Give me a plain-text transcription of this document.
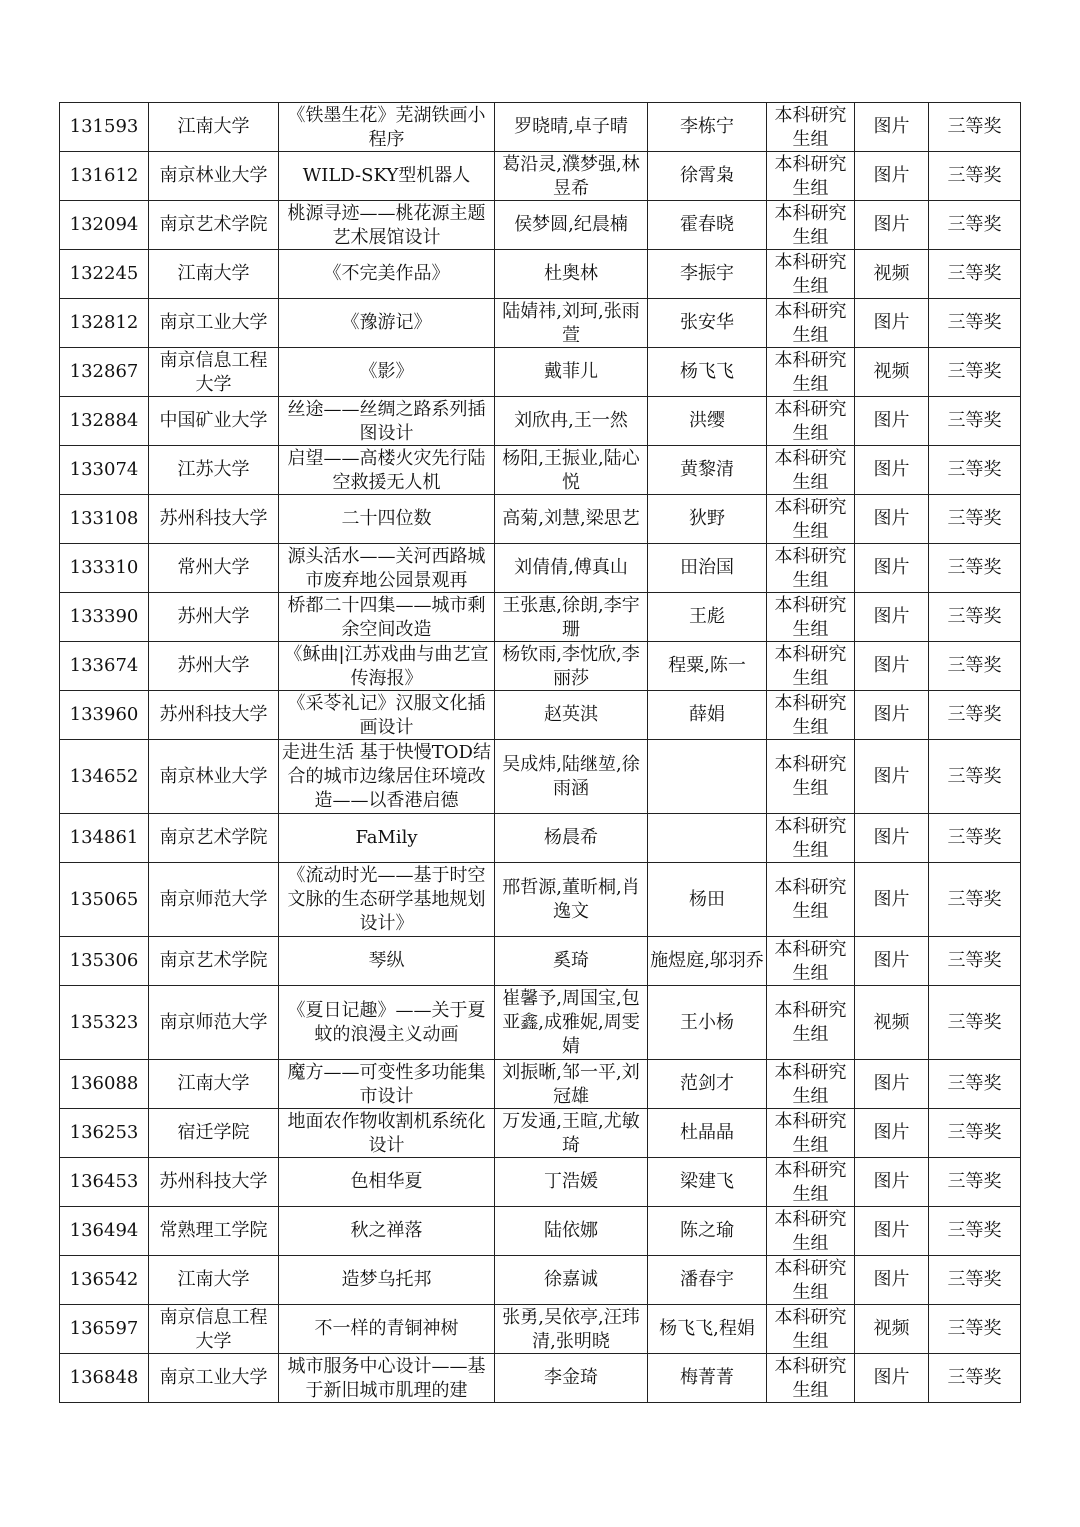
131593	江南大学	《铁墨生花》芜湖铁画小程序	罗晓晴,卓子晴	李栋宁	本科研究生组	图片	三等奖

131612	南京林业大学	WILD-SKY型机器人	葛沿灵,濮梦强,林昱希	徐霄枭	本科研究生组	图片	三等奖

132094	南京艺术学院	桃源寻迹——桃花源主题艺术展馆设计	侯梦圆,纪晨楠	霍春晓	本科研究生组	图片	三等奖

132245	江南大学	《不完美作品》	杜奥林	李振宇	本科研究生组	视频	三等奖

132812	南京工业大学	《豫游记》	陆婧祎,刘珂,张雨萱	张安华	本科研究生组	图片	三等奖

132867	南京信息工程大学	《影》	戴菲儿	杨飞飞	本科研究生组	视频	三等奖

132884	中国矿业大学	丝途——丝绸之路系列插图设计	刘欣冉,王一然	洪缨	本科研究生组	图片	三等奖

133074	江苏大学	启望——高楼火灾先行陆空救援无人机	杨阳,王振业,陆心悦	黄黎清	本科研究生组	图片	三等奖

133108	苏州科技大学	二十四位数	高菊,刘慧,梁思艺	狄野	本科研究生组	图片	三等奖

133310	常州大学	源头活水——关河西路城市废弃地公园景观再	刘倩倩,傅真山	田治国	本科研究生组	图片	三等奖

133390	苏州大学	桥都二十四集——城市剩余空间改造	王张惠,徐朗,李宇珊	王彪	本科研究生组	图片	三等奖

133674	苏州大学	《稣曲|江苏戏曲与曲艺宣传海报》	杨钦雨,李忱欣,李丽莎	程粟,陈一	本科研究生组	图片	三等奖

133960	苏州科技大学	《采苓礼记》汉服文化插画设计	赵英淇	薛娟	本科研究生组	图片	三等奖

134652	南京林业大学	走进生活 基于快慢TOD结合的城市边缘居住环境改造——以香港启德	吴成炜,陆继堃,徐雨涵		本科研究生组	图片	三等奖

134861	南京艺术学院	FaMily	杨晨希		本科研究生组	图片	三等奖

135065	南京师范大学	《流动时光——基于时空文脉的生态研学基地规划设计》	邢哲源,董昕桐,肖逸文	杨田	本科研究生组	图片	三等奖

135306	南京艺术学院	琴纵	奚琦	施煜庭,邬羽乔	本科研究生组	图片	三等奖

135323	南京师范大学	《夏日记趣》——关于夏蚊的浪漫主义动画	崔馨予,周国宝,包亚鑫,成雅妮,周雯婧	王小杨	本科研究生组	视频	三等奖

136088	江南大学	魔方——可变性多功能集市设计	刘振晰,邹一平,刘冠雄	范剑才	本科研究生组	图片	三等奖

136253	宿迁学院	地面农作物收割机系统化设计	万发通,王暄,尤敏琦	杜晶晶	本科研究生组	图片	三等奖

136453	苏州科技大学	色相华夏	丁浩媛	梁建飞	本科研究生组	图片	三等奖

136494	常熟理工学院	秋之禅落	陆依娜	陈之瑜	本科研究生组	图片	三等奖

136542	江南大学	造梦乌托邦	徐嘉诚	潘春宇	本科研究生组	图片	三等奖

136597	南京信息工程大学	不一样的青铜神树	张勇,吴依亭,汪玮清,张明晓	杨飞飞,程娟	本科研究生组	视频	三等奖

136848	南京工业大学	城市服务中心设计——基于新旧城市肌理的建	李金琦	梅菁菁	本科研究生组	图片	三等奖
